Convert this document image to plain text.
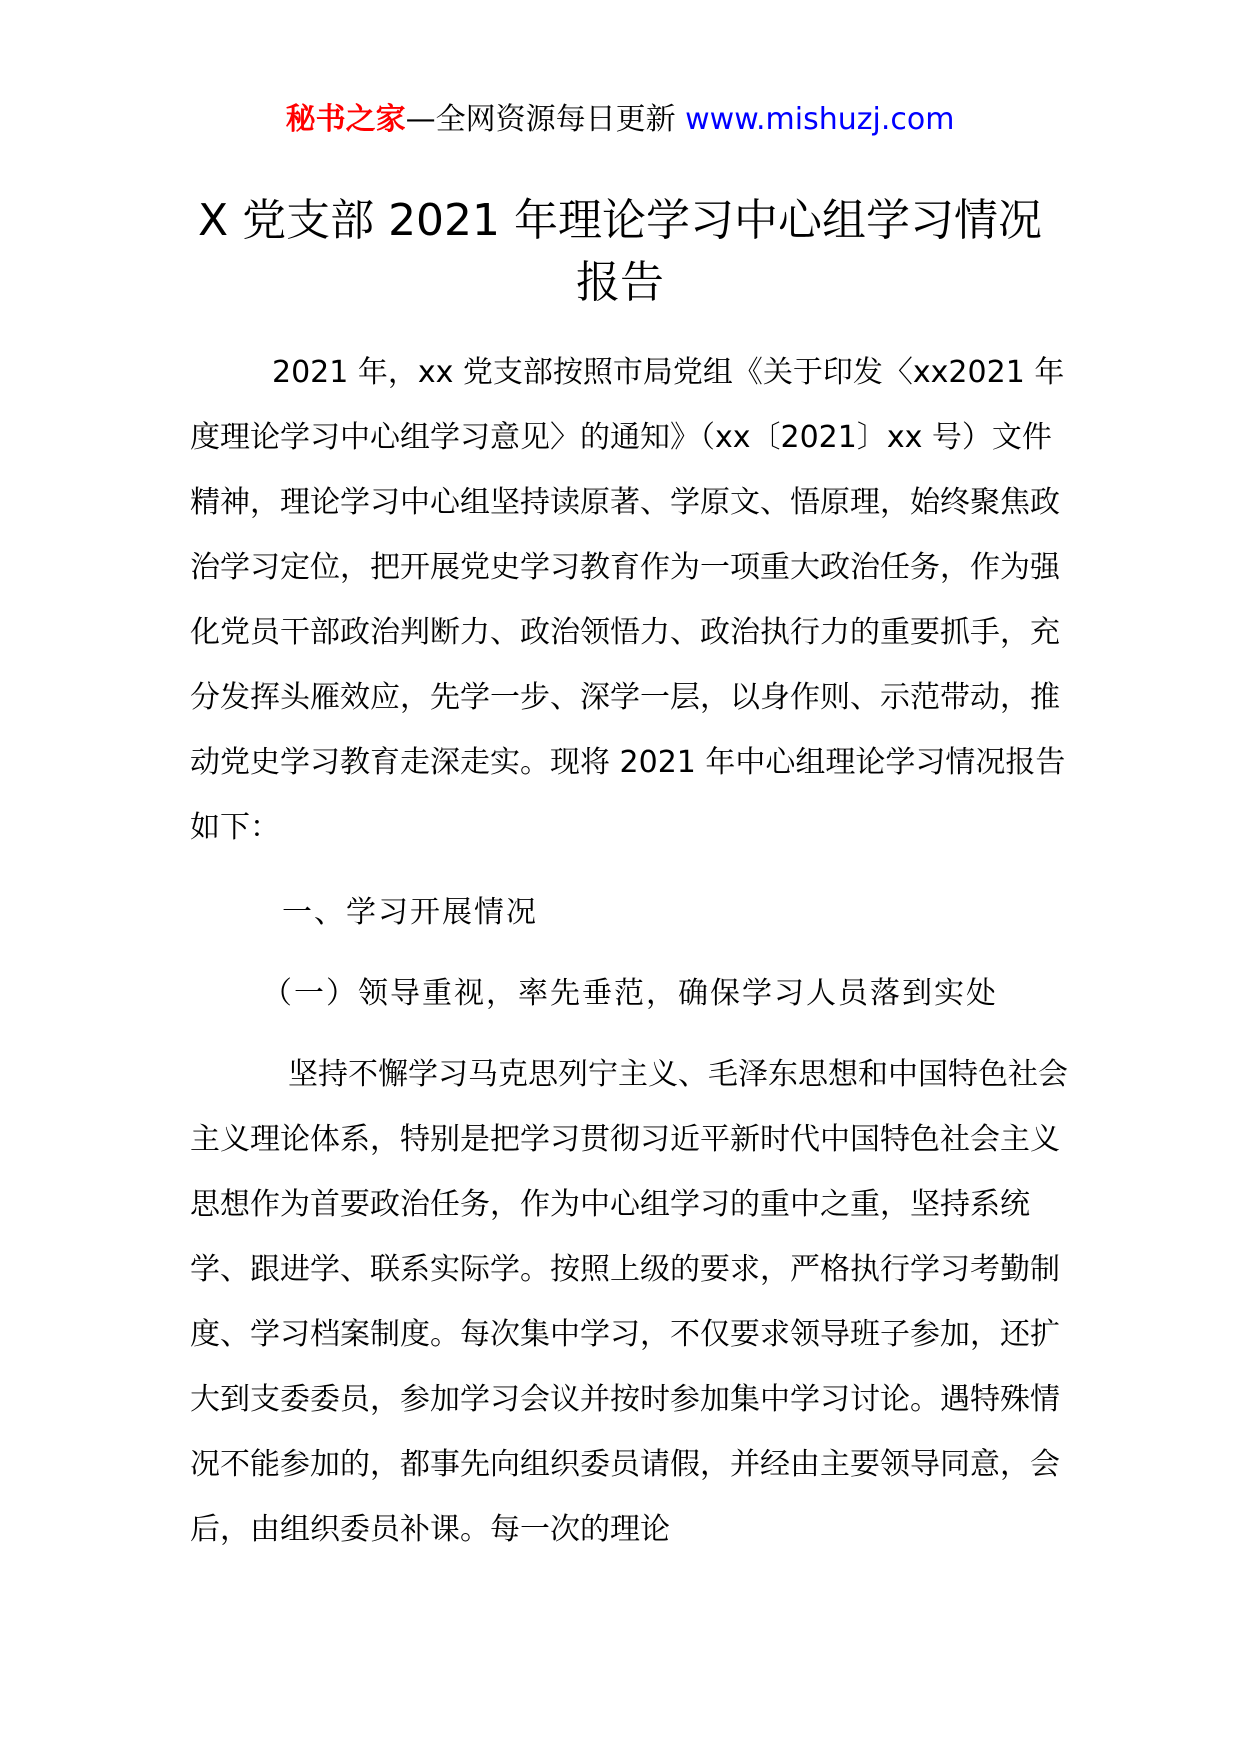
秘书之家—全网资源每日更新 www.mishuzj.com
X 党支部 2021 年理论学习中心组学习情况报告

2021 年，xx 党支部按照市局党组《关于印发〈xx2021 年度理论学习中心组学习意见〉的通知》（xx〔2021〕xx 号）文件精神，理论学习中心组坚持读原著、学原文、悟原理，始终聚焦政治学习定位，把开展党史学习教育作为一项重大政治任务，作为强化党员干部政治判断力、政治领悟力、政治执行力的重要抓手，充分发挥头雁效应，先学一步、深学一层，以身作则、示范带动，推动党史学习教育走深走实。现将 2021 年中心组理论学习情况报告如下：

一、学习开展情况

（一）领导重视，率先垂范，确保学习人员落到实处

坚持不懈学习马克思列宁主义、毛泽东思想和中国特色社会主义理论体系，特别是把学习贯彻习近平新时代中国特色社会主义思想作为首要政治任务，作为中心组学习的重中之重，坚持系统学、跟进学、联系实际学。按照上级的要求，严格执行学习考勤制度、学习档案制度。每次集中学习，不仅要求领导班子参加，还扩大到支委委员，参加学习会议并按时参加集中学习讨论。遇特殊情况不能参加的，都事先向组织委员请假，并经由主要领导同意，会后，由组织委员补课。每一次的理论
